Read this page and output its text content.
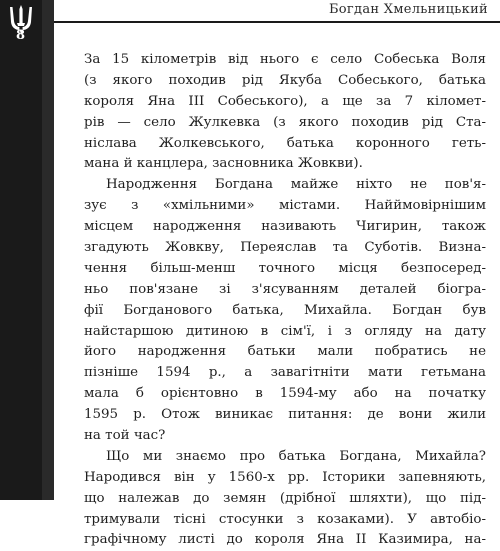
Богдан Хмельницький
8
За 15 кілометрів від нього є село Собеська Воля
(з якого походив рід Якуба Собеського, батька
короля Яна III Собеського), а ще за 7 кіломет-
рів — село Жулкевка (з якого походив рід Ста-
ніслава Жолкевського, батька коронного геть-
мана й канцлера, засновника Жовкви).
Народження Богдана майже ніхто не пов'я-
зує з «хмільними» містами. Найймовірнішим
місцем народження називають Чигирин, також
згадують Жовкву, Переяслав та Суботів. Визна-
чення більш-менш точного місця безпосеред-
ньо пов'язане зі з'ясуванням деталей біогра-
фії Богданового батька, Михайла. Богдан був
найстаршою дитиною в сім'ї, і з огляду на дату
його народження батьки мали побратись не
пізніше 1594 р., а завагітніти мати гетьмана
мала б орієнтовно в 1594-му або на початку
1595 р. Отож виникає питання: де вони жили
на той час?
Що ми знаємо про батька Богдана, Михайла?
Народився він у 1560-х рр. Історики запевняють,
що належав до земян (дрібної шляхти), що під-
тримували тісні стосунки з козаками). У автобіо-
графічному листі до короля Яна II Казимира, на-
